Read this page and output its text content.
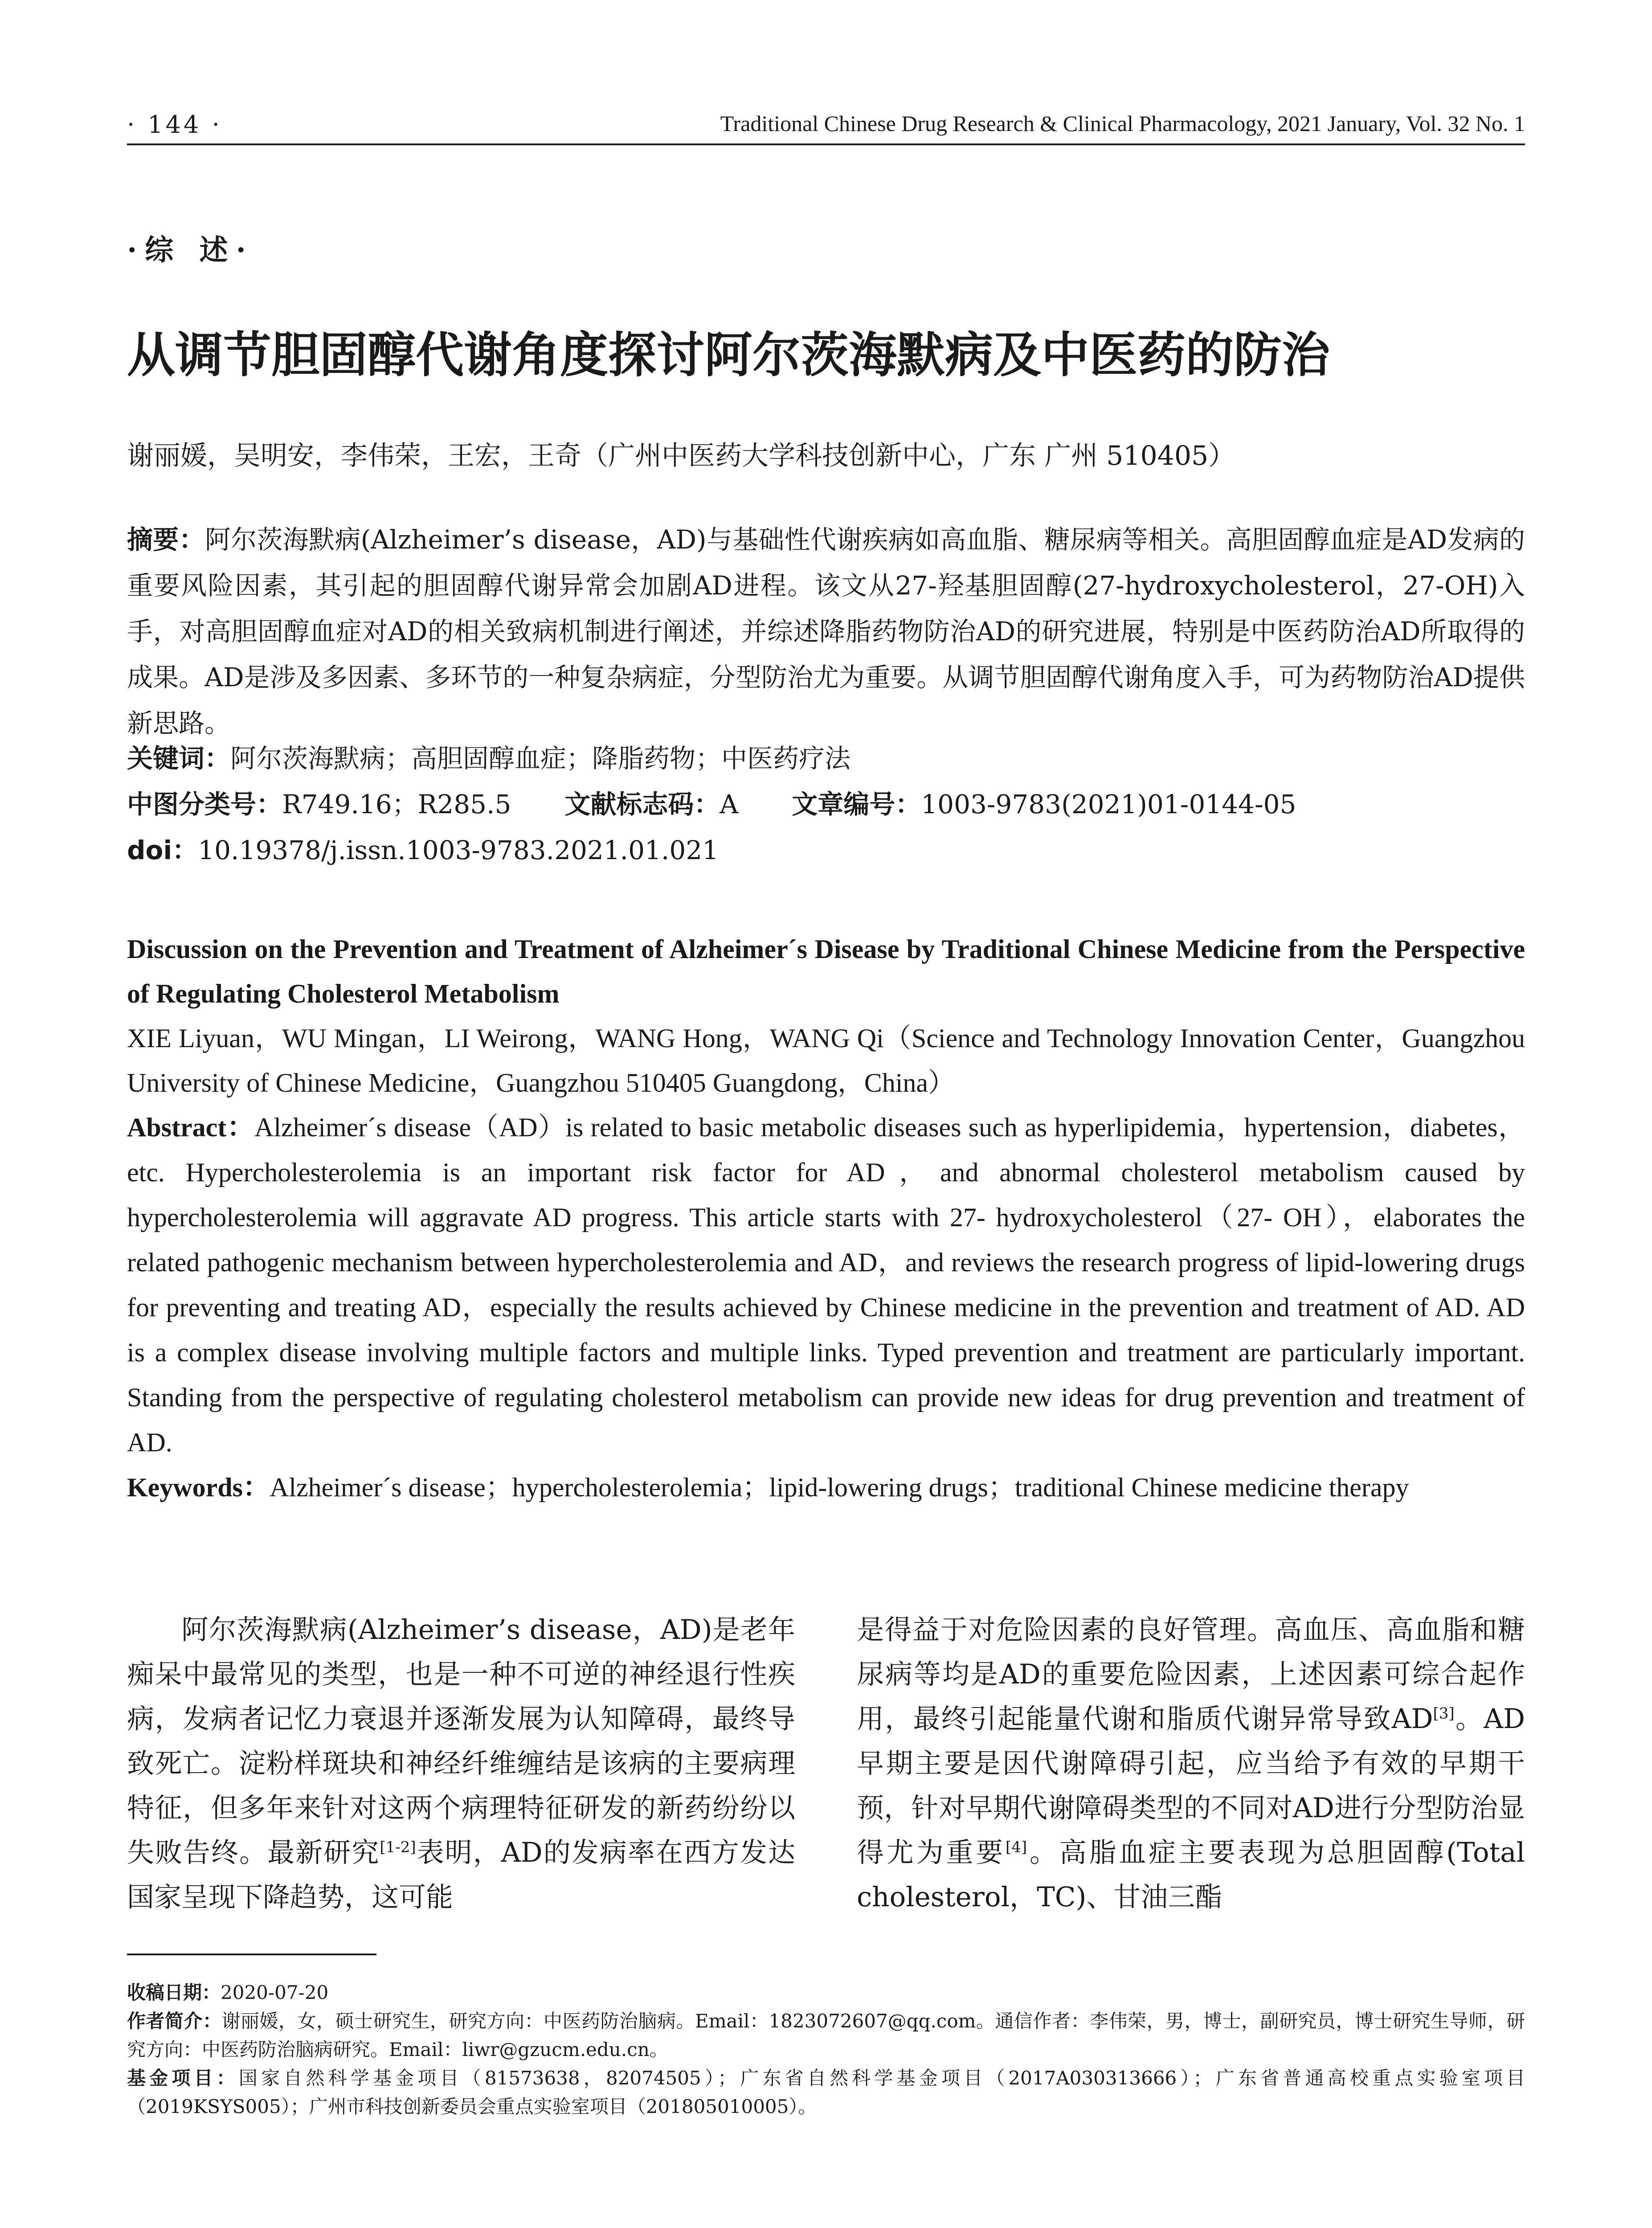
· 144 ·	Traditional Chinese Drug Research & Clinical Pharmacology, 2021 January, Vol. 32 No. 1
·综 述·
从调节胆固醇代谢角度探讨阿尔茨海默病及中医药的防治
谢丽媛，吴明安，李伟荣，王宏，王奇（广州中医药大学科技创新中心，广东 广州 510405）
摘要：阿尔茨海默病(Alzheimer’s disease，AD)与基础性代谢疾病如高血脂、糖尿病等相关。高胆固醇血症是AD发病的重要风险因素，其引起的胆固醇代谢异常会加剧AD进程。该文从27-羟基胆固醇(27-hydroxycholesterol，27-OH)入手，对高胆固醇血症对AD的相关致病机制进行阐述，并综述降脂药物防治AD的研究进展，特别是中医药防治AD所取得的成果。AD是涉及多因素、多环节的一种复杂病症，分型防治尤为重要。从调节胆固醇代谢角度入手，可为药物防治AD提供新思路。
关键词：阿尔茨海默病；高胆固醇血症；降脂药物；中医药疗法
中图分类号：R749.16；R285.5 文献标志码：A 文章编号：1003-9783(2021)01-0144-05
doi：10.19378/j.issn.1003-9783.2021.01.021
Discussion on the Prevention and Treatment of Alzheimer´s Disease by Traditional Chinese Medicine from the Perspective of Regulating Cholesterol Metabolism
XIE Liyuan，WU Mingan，LI Weirong，WANG Hong，WANG Qi（Science and Technology Innovation Center，Guangzhou University of Chinese Medicine，Guangzhou 510405 Guangdong，China）
Abstract：Alzheimer´s disease（AD）is related to basic metabolic diseases such as hyperlipidemia，hypertension，diabetes，etc. Hypercholesterolemia is an important risk factor for AD，and abnormal cholesterol metabolism caused by hypercholesterolemia will aggravate AD progress. This article starts with 27- hydroxycholesterol（27- OH），elaborates the related pathogenic mechanism between hypercholesterolemia and AD，and reviews the research progress of lipid-lowering drugs for preventing and treating AD，especially the results achieved by Chinese medicine in the prevention and treatment of AD. AD is a complex disease involving multiple factors and multiple links. Typed prevention and treatment are particularly important. Standing from the perspective of regulating cholesterol metabolism can provide new ideas for drug prevention and treatment of AD.
Keywords：Alzheimer´s disease；hypercholesterolemia；lipid-lowering drugs；traditional Chinese medicine therapy
阿尔茨海默病(Alzheimer’s disease，AD)是老年痴呆中最常见的类型，也是一种不可逆的神经退行性疾病，发病者记忆力衰退并逐渐发展为认知障碍，最终导致死亡。淀粉样斑块和神经纤维缠结是该病的主要病理特征，但多年来针对这两个病理特征研发的新药纷纷以失败告终。最新研究[1-2]表明，AD的发病率在西方发达国家呈现下降趋势，这可能
是得益于对危险因素的良好管理。高血压、高血脂和糖尿病等均是AD的重要危险因素，上述因素可综合起作用，最终引起能量代谢和脂质代谢异常导致AD[3]。AD早期主要是因代谢障碍引起，应当给予有效的早期干预，针对早期代谢障碍类型的不同对AD进行分型防治显得尤为重要[4]。高脂血症主要表现为总胆固醇(Total cholesterol，TC)、甘油三酯
收稿日期：2020-07-20
作者简介：谢丽媛，女，硕士研究生，研究方向：中医药防治脑病。Email：1823072607@qq.com。通信作者：李伟荣，男，博士，副研究员，博士研究生导师，研究方向：中医药防治脑病研究。Email：liwr@gzucm.edu.cn。
基金项目：国家自然科学基金项目（81573638，82074505）；广东省自然科学基金项目（2017A030313666）；广东省普通高校重点实验室项目（2019KSYS005）；广州市科技创新委员会重点实验室项目（201805010005）。
